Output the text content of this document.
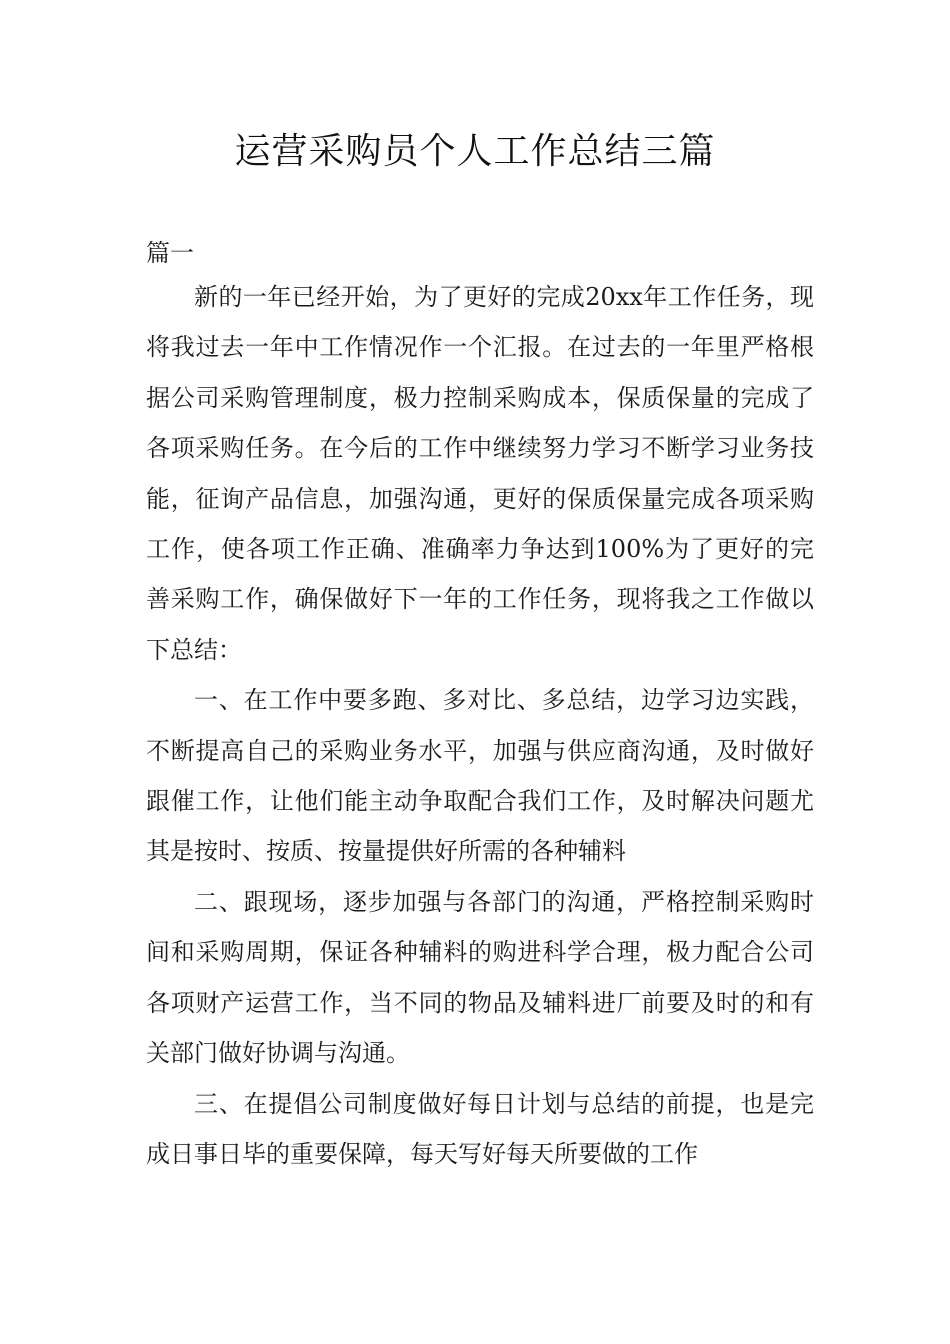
运营采购员个人工作总结三篇

篇一

新的一年已经开始，为了更好的完成20xx年工作任务，现将我过去一年中工作情况作一个汇报。在过去的一年里严格根据公司采购管理制度，极力控制采购成本，保质保量的完成了各项采购任务。在今后的工作中继续努力学习不断学习业务技能，征询产品信息，加强沟通，更好的保质保量完成各项采购工作，使各项工作正确、准确率力争达到100%为了更好的完善采购工作，确保做好下一年的工作任务，现将我之工作做以下总结：

一、在工作中要多跑、多对比、多总结，边学习边实践，不断提高自己的采购业务水平，加强与供应商沟通，及时做好跟催工作，让他们能主动争取配合我们工作，及时解决问题尤其是按时、按质、按量提供好所需的各种辅料

二、跟现场，逐步加强与各部门的沟通，严格控制采购时间和采购周期，保证各种辅料的购进科学合理，极力配合公司各项财产运营工作，当不同的物品及辅料进厂前要及时的和有关部门做好协调与沟通。

三、在提倡公司制度做好每日计划与总结的前提，也是完成日事日毕的重要保障，每天写好每天所要做的工作
